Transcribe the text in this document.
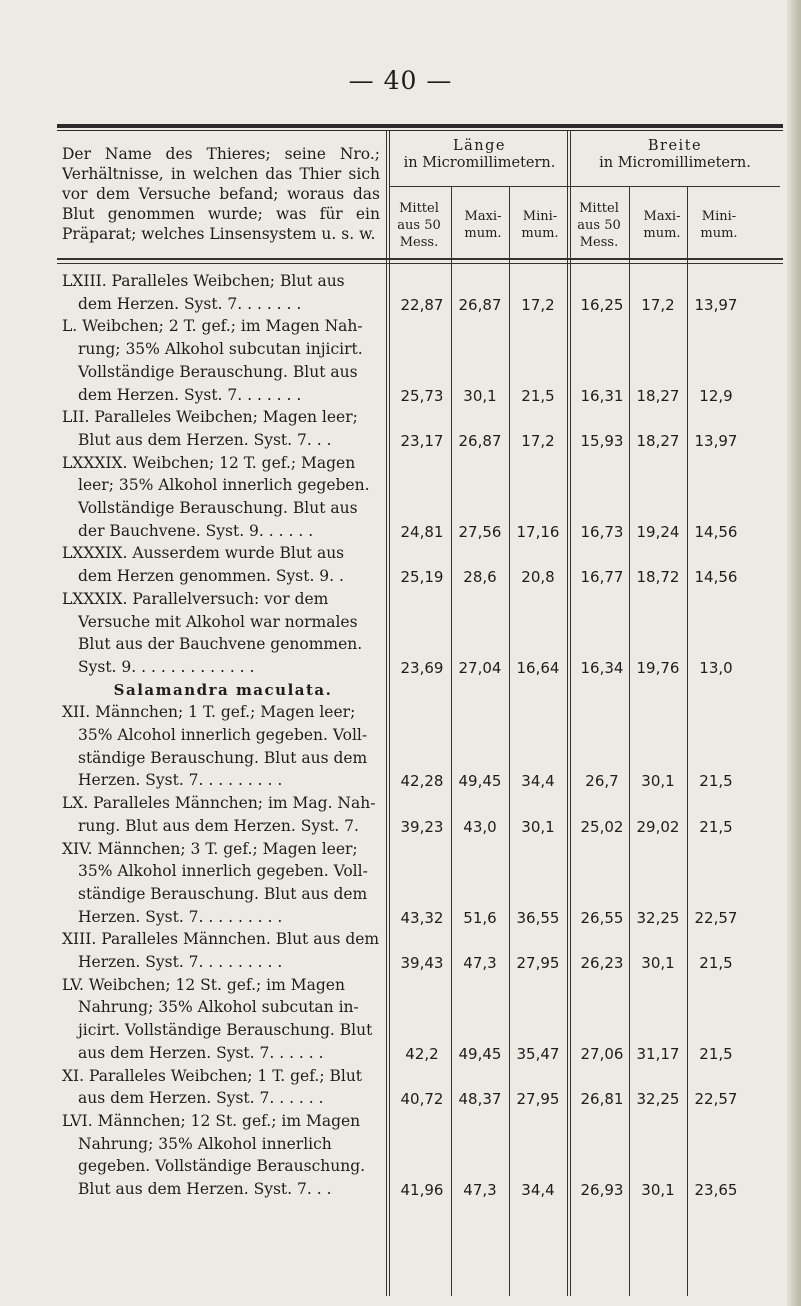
— 40 —
Der Name des Thieres; seine Nro.; Verhältnisse, in welchen das Thier sich vor dem Versuche befand; woraus das Blut genommen wurde; was für ein Präparat; welches Linsensystem u. s. w.
Länge
in Micromillimetern.
Breite
in Micromillimetern.
Mittel aus 50 Mess.
Maxi- mum.
Mini- mum.
Mittel aus 50 Mess.
Maxi- mum.
Mini- mum.
LXIII. Paralleles Weibchen; Blut aus
dem Herzen. Syst. 7. . . . . . .	22,87	26,87	17,2	16,25	17,2	13,97
L. Weibchen; 2 T. gef.; im Magen Nah-
rung; 35% Alkohol subcutan injicirt.
Vollständige Berauschung. Blut aus
dem Herzen. Syst. 7. . . . . . .	25,73	30,1	21,5	16,31 18,27	12,9
LII. Paralleles Weibchen; Magen leer;
Blut aus dem Herzen. Syst. 7. . .	23,17	26,87	17,2	15,93 18,27	13,97
LXXXIX. Weibchen; 12 T. gef.; Magen
leer; 35% Alkohol innerlich gegeben.
Vollständige Berauschung. Blut aus
der Bauchvene. Syst. 9. . . . . .	24,81	27,56	17,16	16,73 19,24	14,56
LXXXIX. Ausserdem wurde Blut aus
dem Herzen genommen. Syst. 9. .	25,19	28,6	20,8	16,77 18,72	14,56
LXXXIX. Parallelversuch: vor dem
Versuche mit Alkohol war normales
Blut aus der Bauchvene genommen.
Syst. 9. . . . . . . . . . . . .	23,69	27,04	16,64	16,34 19,76	13,0
Salamandra maculata.
XII. Männchen; 1 T. gef.; Magen leer;
35% Alcohol innerlich gegeben. Voll-
ständige Berauschung. Blut aus dem
Herzen. Syst. 7. . . . . . . . .	42,28	49,45	34,4	26,7	30,1	21,5
LX. Paralleles Männchen; im Mag. Nah-
rung. Blut aus dem Herzen. Syst. 7.	39,23	43,0	30,1	25,02 29,02	21,5
XIV. Männchen; 3 T. gef.; Magen leer;
35% Alkohol innerlich gegeben. Voll-
ständige Berauschung. Blut aus dem
Herzen. Syst. 7. . . . . . . . .	43,32	51,6	36,55	26,55 32,25	22,57
XIII. Paralleles Männchen. Blut aus dem
Herzen. Syst. 7. . . . . . . . .	39,43	47,3	27,95	26,23	30,1	21,5
LV. Weibchen; 12 St. gef.; im Magen
Nahrung; 35% Alkohol subcutan in-
jicirt. Vollständige Berauschung. Blut
aus dem Herzen. Syst. 7. . . . . .	42,2	49,45	35,47	27,06 31,17	21,5
XI. Paralleles Weibchen; 1 T. gef.; Blut
aus dem Herzen. Syst. 7. . . . . .	40,72	48,37	27,95	26,81 32,25	22,57
LVI. Männchen; 12 St. gef.; im Magen
Nahrung; 35% Alkohol innerlich
gegeben. Vollständige Berauschung.
Blut aus dem Herzen. Syst. 7. . .	41,96	47,3	34,4	26,93	30,1	23,65
